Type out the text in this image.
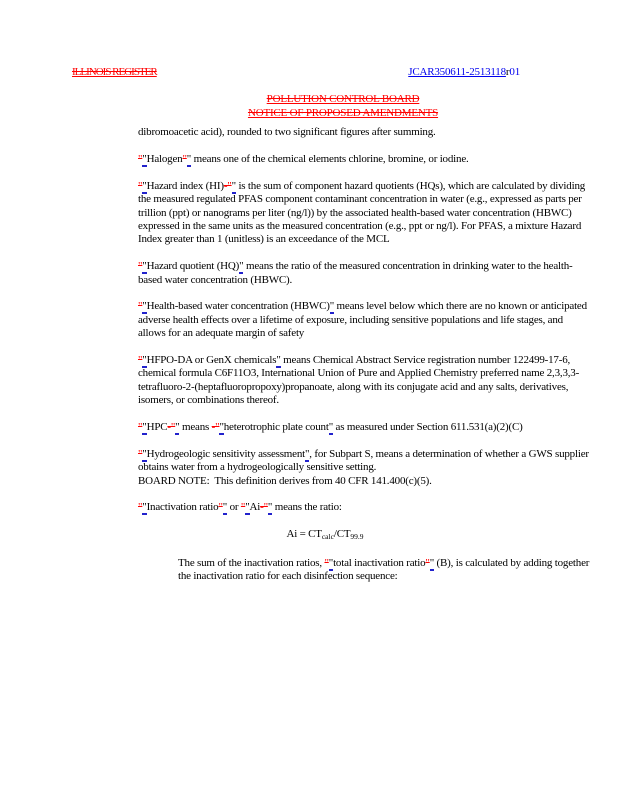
ILLINOIS REGISTER	JCAR350611-2513118r01
POLLUTION CONTROL BOARD
NOTICE OF PROPOSED AMENDMENTS
dibromoacetic acid), rounded to two significant figures after summing.
""Halogen"" means one of the chemical elements chlorine, bromine, or iodine.
""Hazard index (HI)-"" is the sum of component hazard quotients (HQs), which are calculated by dividing the measured regulated PFAS component contaminant concentration in water (e.g., expressed as parts per trillion (ppt) or nanograms per liter (ng/l)) by the associated health-based water concentration (HBWC) expressed in the same units as the measured concentration (e.g., ppt or ng/l). For PFAS, a mixture Hazard Index greater than 1 (unitless) is an exceedance of the MCL
""Hazard quotient (HQ)" means the ratio of the measured concentration in drinking water to the health-based water concentration (HBWC).
""Health-based water concentration (HBWC)" means level below which there are no known or anticipated adverse health effects over a lifetime of exposure, including sensitive populations and life stages, and allows for an adequate margin of safety
""HFPO-DA or GenX chemicals" means Chemical Abstract Service registration number 122499-17-6, chemical formula C6F11O3, International Union of Pure and Applied Chemistry preferred name 2,3,3,3-tetrafluoro-2-(heptafluoropropoxy)propanoate, along with its conjugate acid and any salts, derivatives, isomers, or combinations thereof.
""HPC-"" means -""heterotrophic plate count" as measured under Section 611.531(a)(2)(C)
""Hydrogeologic sensitivity assessment", for Subpart S, means a determination of whether a GWS supplier obtains water from a hydrogeologically sensitive setting.
BOARD NOTE:  This definition derives from 40 CFR 141.400(c)(5).
""Inactivation ratio"" or ""Ai-"" means the ratio:
$Ai = CT_{calc}/CT_{99.9}$
The sum of the inactivation ratios, ""total inactivation ratio"" (B), is calculated by adding together the inactivation ratio for each disinfection sequence:
